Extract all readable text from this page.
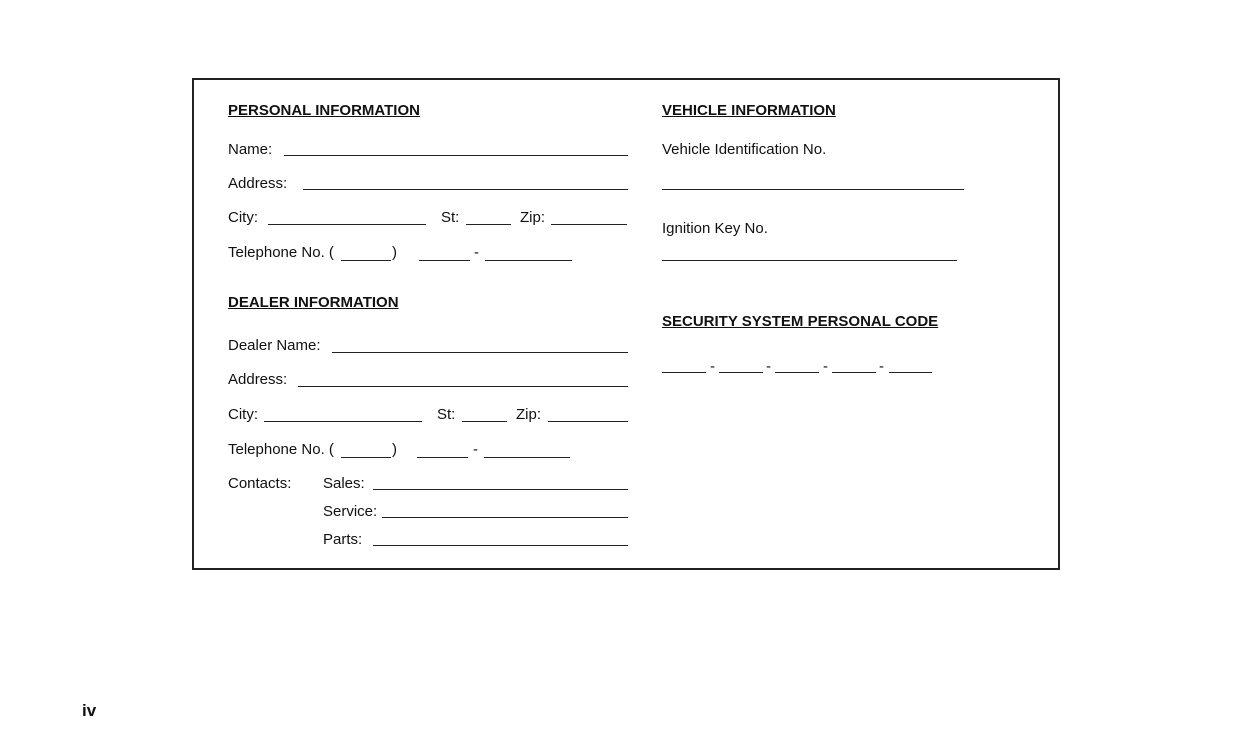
PERSONAL INFORMATION
Name:
Address:
City:	St:	Zip:
Telephone No. (	)	-
DEALER INFORMATION
Dealer Name:
Address:
City:	St:	Zip:
Telephone No. (	)	-
Contacts: Sales:
Service:
Parts:
VEHICLE INFORMATION
Vehicle Identification No.
Ignition Key No.
SECURITY SYSTEM PERSONAL CODE
-	-	-	-
iv
